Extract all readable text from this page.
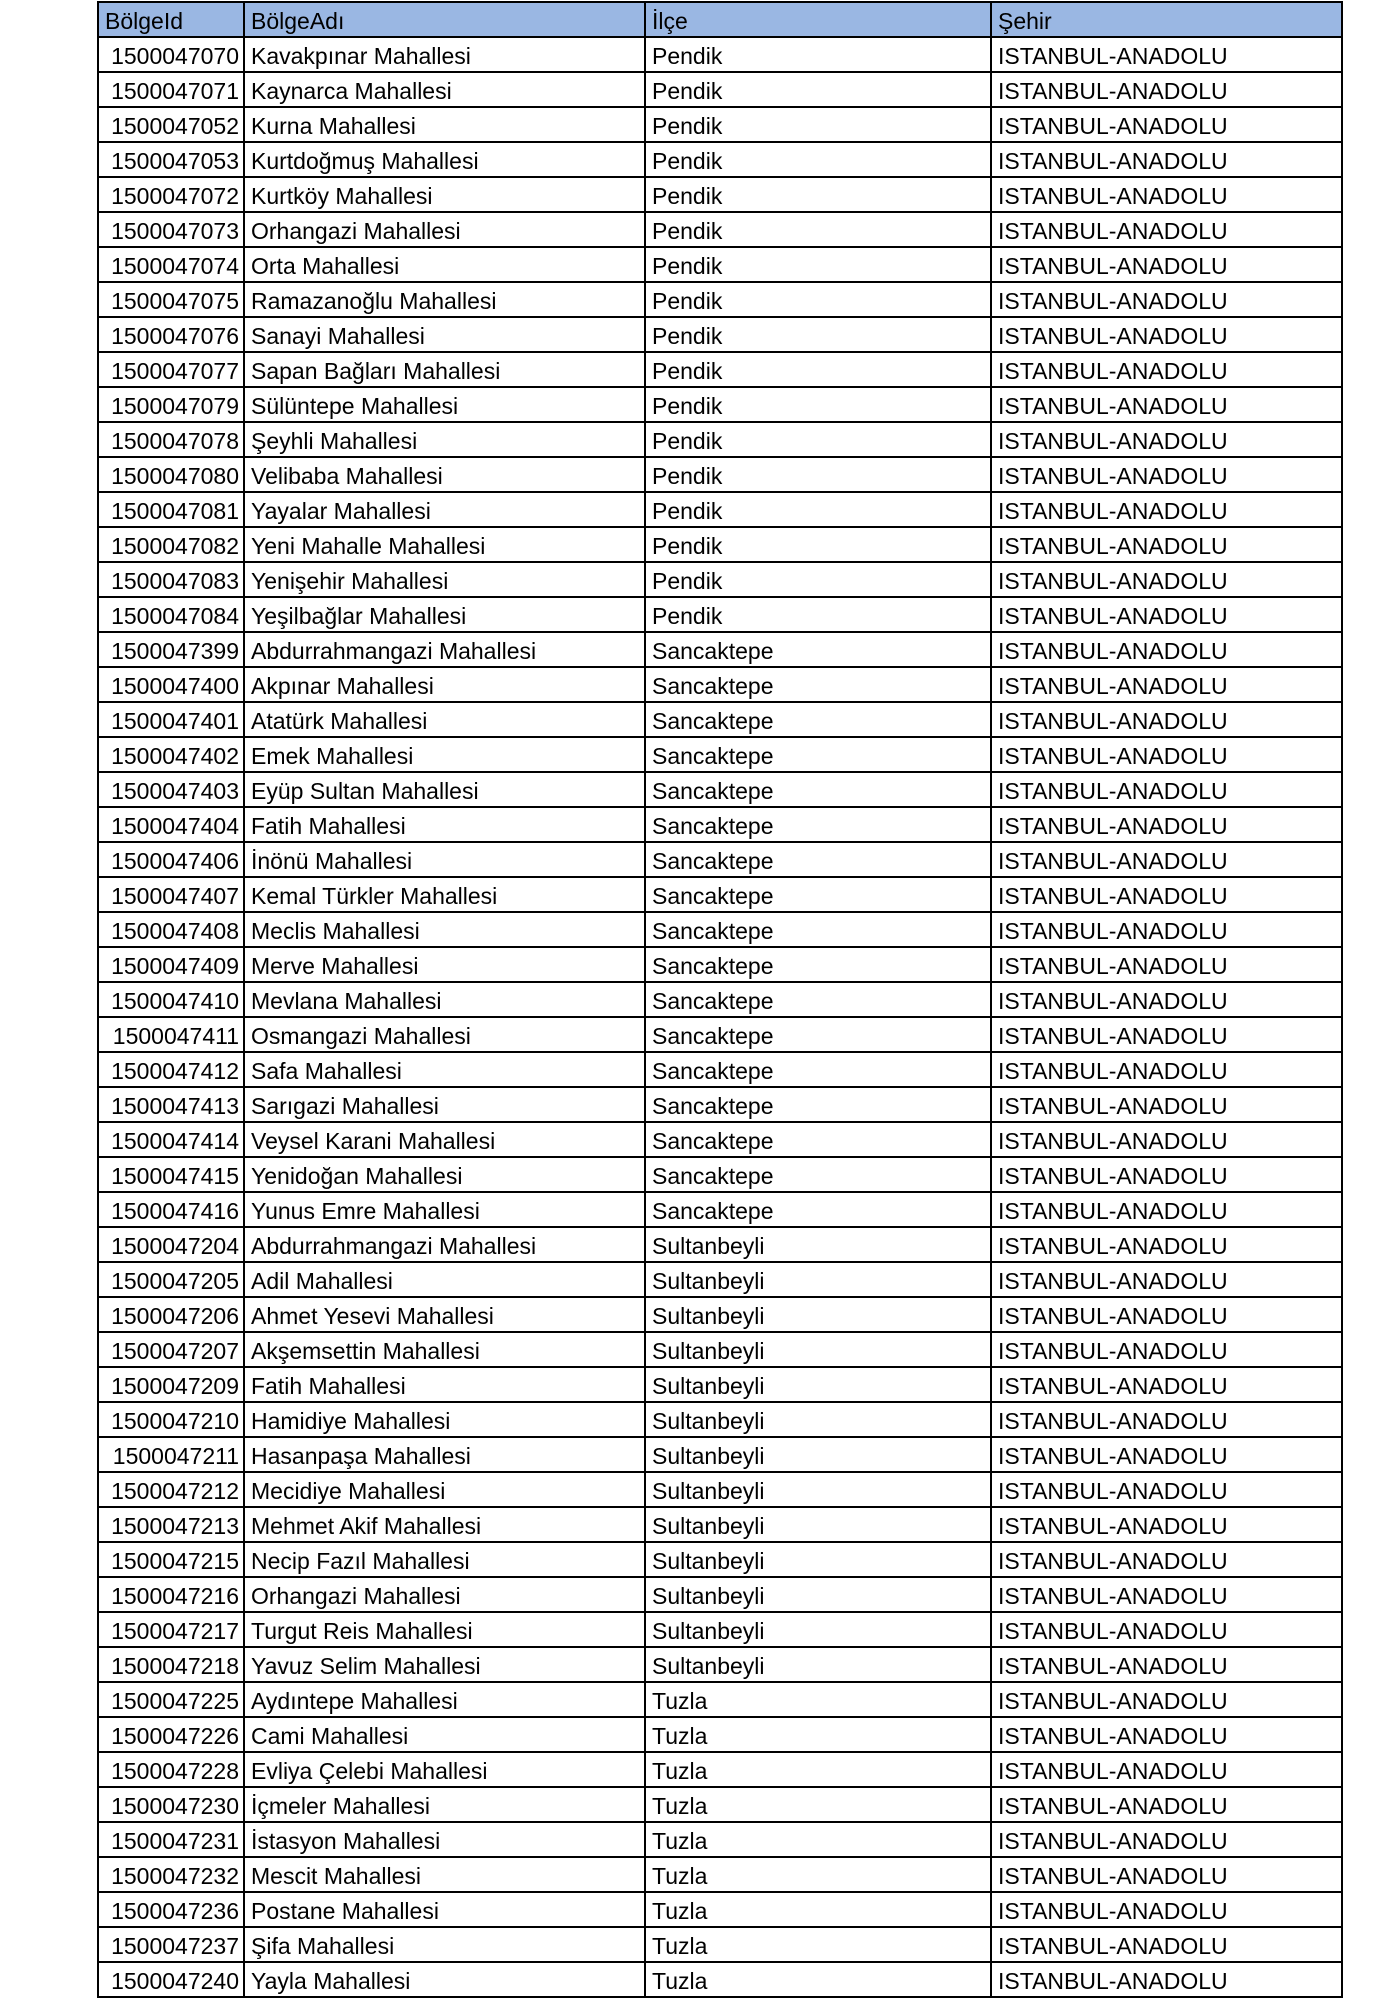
BölgeId	BölgeAdı	İlçe	Şehir
1500047070	Kavakpınar Mahallesi	Pendik	ISTANBUL-ANADOLU
1500047071	Kaynarca Mahallesi	Pendik	ISTANBUL-ANADOLU
1500047052	Kurna Mahallesi	Pendik	ISTANBUL-ANADOLU
1500047053	Kurtdoğmuş Mahallesi	Pendik	ISTANBUL-ANADOLU
1500047072	Kurtköy Mahallesi	Pendik	ISTANBUL-ANADOLU
1500047073	Orhangazi Mahallesi	Pendik	ISTANBUL-ANADOLU
1500047074	Orta Mahallesi	Pendik	ISTANBUL-ANADOLU
1500047075	Ramazanoğlu Mahallesi	Pendik	ISTANBUL-ANADOLU
1500047076	Sanayi Mahallesi	Pendik	ISTANBUL-ANADOLU
1500047077	Sapan Bağları Mahallesi	Pendik	ISTANBUL-ANADOLU
1500047079	Sülüntepe Mahallesi	Pendik	ISTANBUL-ANADOLU
1500047078	Şeyhli Mahallesi	Pendik	ISTANBUL-ANADOLU
1500047080	Velibaba Mahallesi	Pendik	ISTANBUL-ANADOLU
1500047081	Yayalar Mahallesi	Pendik	ISTANBUL-ANADOLU
1500047082	Yeni Mahalle Mahallesi	Pendik	ISTANBUL-ANADOLU
1500047083	Yenişehir Mahallesi	Pendik	ISTANBUL-ANADOLU
1500047084	Yeşilbağlar Mahallesi	Pendik	ISTANBUL-ANADOLU
1500047399	Abdurrahmangazi Mahallesi	Sancaktepe	ISTANBUL-ANADOLU
1500047400	Akpınar Mahallesi	Sancaktepe	ISTANBUL-ANADOLU
1500047401	Atatürk Mahallesi	Sancaktepe	ISTANBUL-ANADOLU
1500047402	Emek Mahallesi	Sancaktepe	ISTANBUL-ANADOLU
1500047403	Eyüp Sultan Mahallesi	Sancaktepe	ISTANBUL-ANADOLU
1500047404	Fatih Mahallesi	Sancaktepe	ISTANBUL-ANADOLU
1500047406	İnönü Mahallesi	Sancaktepe	ISTANBUL-ANADOLU
1500047407	Kemal Türkler Mahallesi	Sancaktepe	ISTANBUL-ANADOLU
1500047408	Meclis Mahallesi	Sancaktepe	ISTANBUL-ANADOLU
1500047409	Merve Mahallesi	Sancaktepe	ISTANBUL-ANADOLU
1500047410	Mevlana Mahallesi	Sancaktepe	ISTANBUL-ANADOLU
1500047411	Osmangazi Mahallesi	Sancaktepe	ISTANBUL-ANADOLU
1500047412	Safa Mahallesi	Sancaktepe	ISTANBUL-ANADOLU
1500047413	Sarıgazi Mahallesi	Sancaktepe	ISTANBUL-ANADOLU
1500047414	Veysel Karani Mahallesi	Sancaktepe	ISTANBUL-ANADOLU
1500047415	Yenidoğan Mahallesi	Sancaktepe	ISTANBUL-ANADOLU
1500047416	Yunus Emre Mahallesi	Sancaktepe	ISTANBUL-ANADOLU
1500047204	Abdurrahmangazi Mahallesi	Sultanbeyli	ISTANBUL-ANADOLU
1500047205	Adil Mahallesi	Sultanbeyli	ISTANBUL-ANADOLU
1500047206	Ahmet Yesevi Mahallesi	Sultanbeyli	ISTANBUL-ANADOLU
1500047207	Akşemsettin Mahallesi	Sultanbeyli	ISTANBUL-ANADOLU
1500047209	Fatih Mahallesi	Sultanbeyli	ISTANBUL-ANADOLU
1500047210	Hamidiye Mahallesi	Sultanbeyli	ISTANBUL-ANADOLU
1500047211	Hasanpaşa Mahallesi	Sultanbeyli	ISTANBUL-ANADOLU
1500047212	Mecidiye Mahallesi	Sultanbeyli	ISTANBUL-ANADOLU
1500047213	Mehmet Akif Mahallesi	Sultanbeyli	ISTANBUL-ANADOLU
1500047215	Necip Fazıl Mahallesi	Sultanbeyli	ISTANBUL-ANADOLU
1500047216	Orhangazi Mahallesi	Sultanbeyli	ISTANBUL-ANADOLU
1500047217	Turgut Reis Mahallesi	Sultanbeyli	ISTANBUL-ANADOLU
1500047218	Yavuz Selim Mahallesi	Sultanbeyli	ISTANBUL-ANADOLU
1500047225	Aydıntepe Mahallesi	Tuzla	ISTANBUL-ANADOLU
1500047226	Cami Mahallesi	Tuzla	ISTANBUL-ANADOLU
1500047228	Evliya Çelebi Mahallesi	Tuzla	ISTANBUL-ANADOLU
1500047230	İçmeler Mahallesi	Tuzla	ISTANBUL-ANADOLU
1500047231	İstasyon Mahallesi	Tuzla	ISTANBUL-ANADOLU
1500047232	Mescit Mahallesi	Tuzla	ISTANBUL-ANADOLU
1500047236	Postane Mahallesi	Tuzla	ISTANBUL-ANADOLU
1500047237	Şifa Mahallesi	Tuzla	ISTANBUL-ANADOLU
1500047240	Yayla Mahallesi	Tuzla	ISTANBUL-ANADOLU
